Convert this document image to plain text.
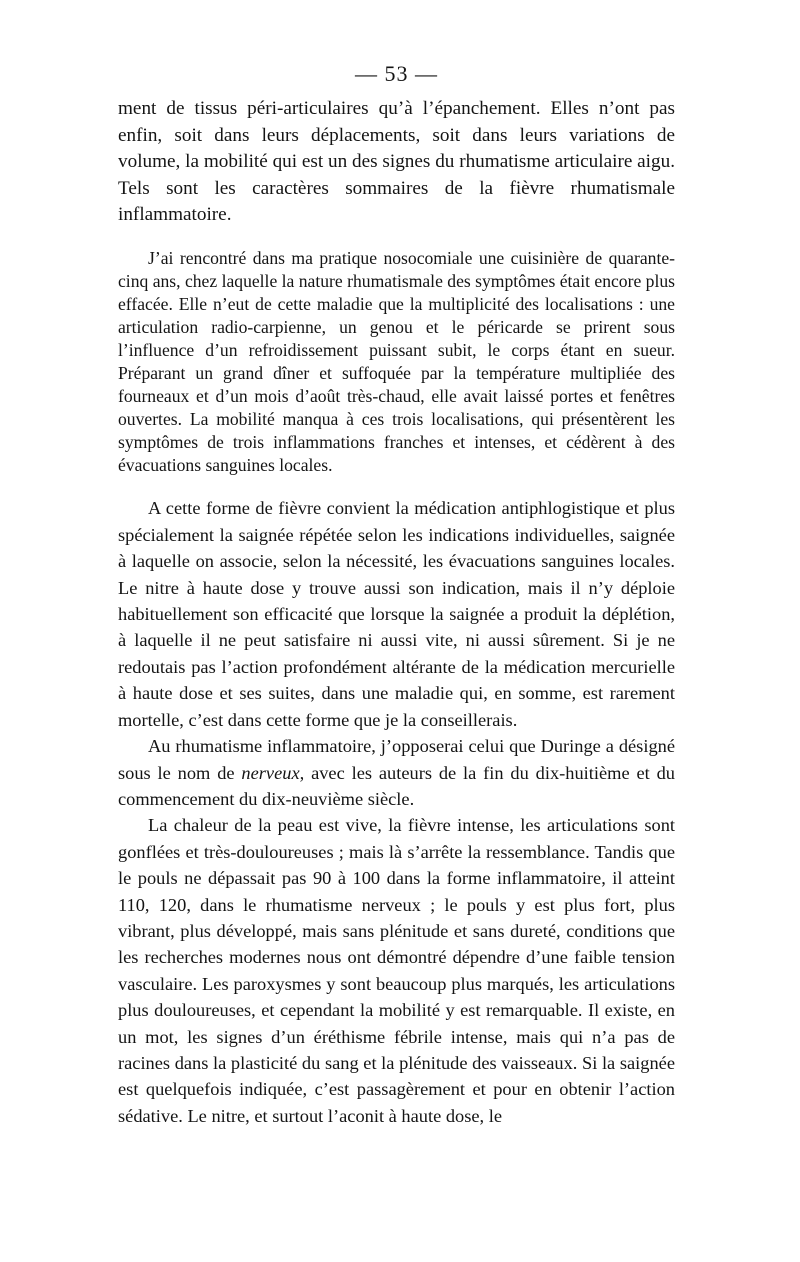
— 53 —

ment de tissus péri-articulaires qu’à l’épanchement. Elles n’ont pas enfin, soit dans leurs déplacements, soit dans leurs variations de volume, la mobilité qui est un des signes du rhumatisme articulaire aigu. Tels sont les caractères sommaires de la fièvre rhumatismale inflammatoire.

J’ai rencontré dans ma pratique nosocomiale une cuisinière de quarante-cinq ans, chez laquelle la nature rhumatismale des symptômes était encore plus effacée. Elle n’eut de cette maladie que la multiplicité des localisations : une articulation radio-carpienne, un genou et le péricarde se prirent sous l’influence d’un refroidissement puissant subit, le corps étant en sueur. Préparant un grand dîner et suffoquée par la température multipliée des fourneaux et d’un mois d’août très-chaud, elle avait laissé portes et fenêtres ouvertes. La mobilité manqua à ces trois localisations, qui présentèrent les symptômes de trois inflammations franches et intenses, et cédèrent à des évacuations sanguines locales.

A cette forme de fièvre convient la médication antiphlogistique et plus spécialement la saignée répétée selon les indications individuelles, saignée à laquelle on associe, selon la nécessité, les évacuations sanguines locales. Le nitre à haute dose y trouve aussi son indication, mais il n’y déploie habituellement son efficacité que lorsque la saignée a produit la déplétion, à laquelle il ne peut satisfaire ni aussi vite, ni aussi sûrement. Si je ne redoutais pas l’action profondément altérante de la médication mercurielle à haute dose et ses suites, dans une maladie qui, en somme, est rarement mortelle, c’est dans cette forme que je la conseillerais.

Au rhumatisme inflammatoire, j’opposerai celui que Duringe a désigné sous le nom de nerveux, avec les auteurs de la fin du dix-huitième et du commencement du dix-neuvième siècle.

La chaleur de la peau est vive, la fièvre intense, les articulations sont gonflées et très-douloureuses ; mais là s’arrête la ressemblance. Tandis que le pouls ne dépassait pas 90 à 100 dans la forme inflammatoire, il atteint 110, 120, dans le rhumatisme nerveux ; le pouls y est plus fort, plus vibrant, plus développé, mais sans plénitude et sans dureté, conditions que les recherches modernes nous ont démontré dépendre d’une faible tension vasculaire. Les paroxysmes y sont beaucoup plus marqués, les articulations plus douloureuses, et cependant la mobilité y est remarquable. Il existe, en un mot, les signes d’un éréthisme fébrile intense, mais qui n’a pas de racines dans la plasticité du sang et la plénitude des vaisseaux. Si la saignée est quelquefois indiquée, c’est passagèrement et pour en obtenir l’action sédative. Le nitre, et surtout l’aconit à haute dose, le
